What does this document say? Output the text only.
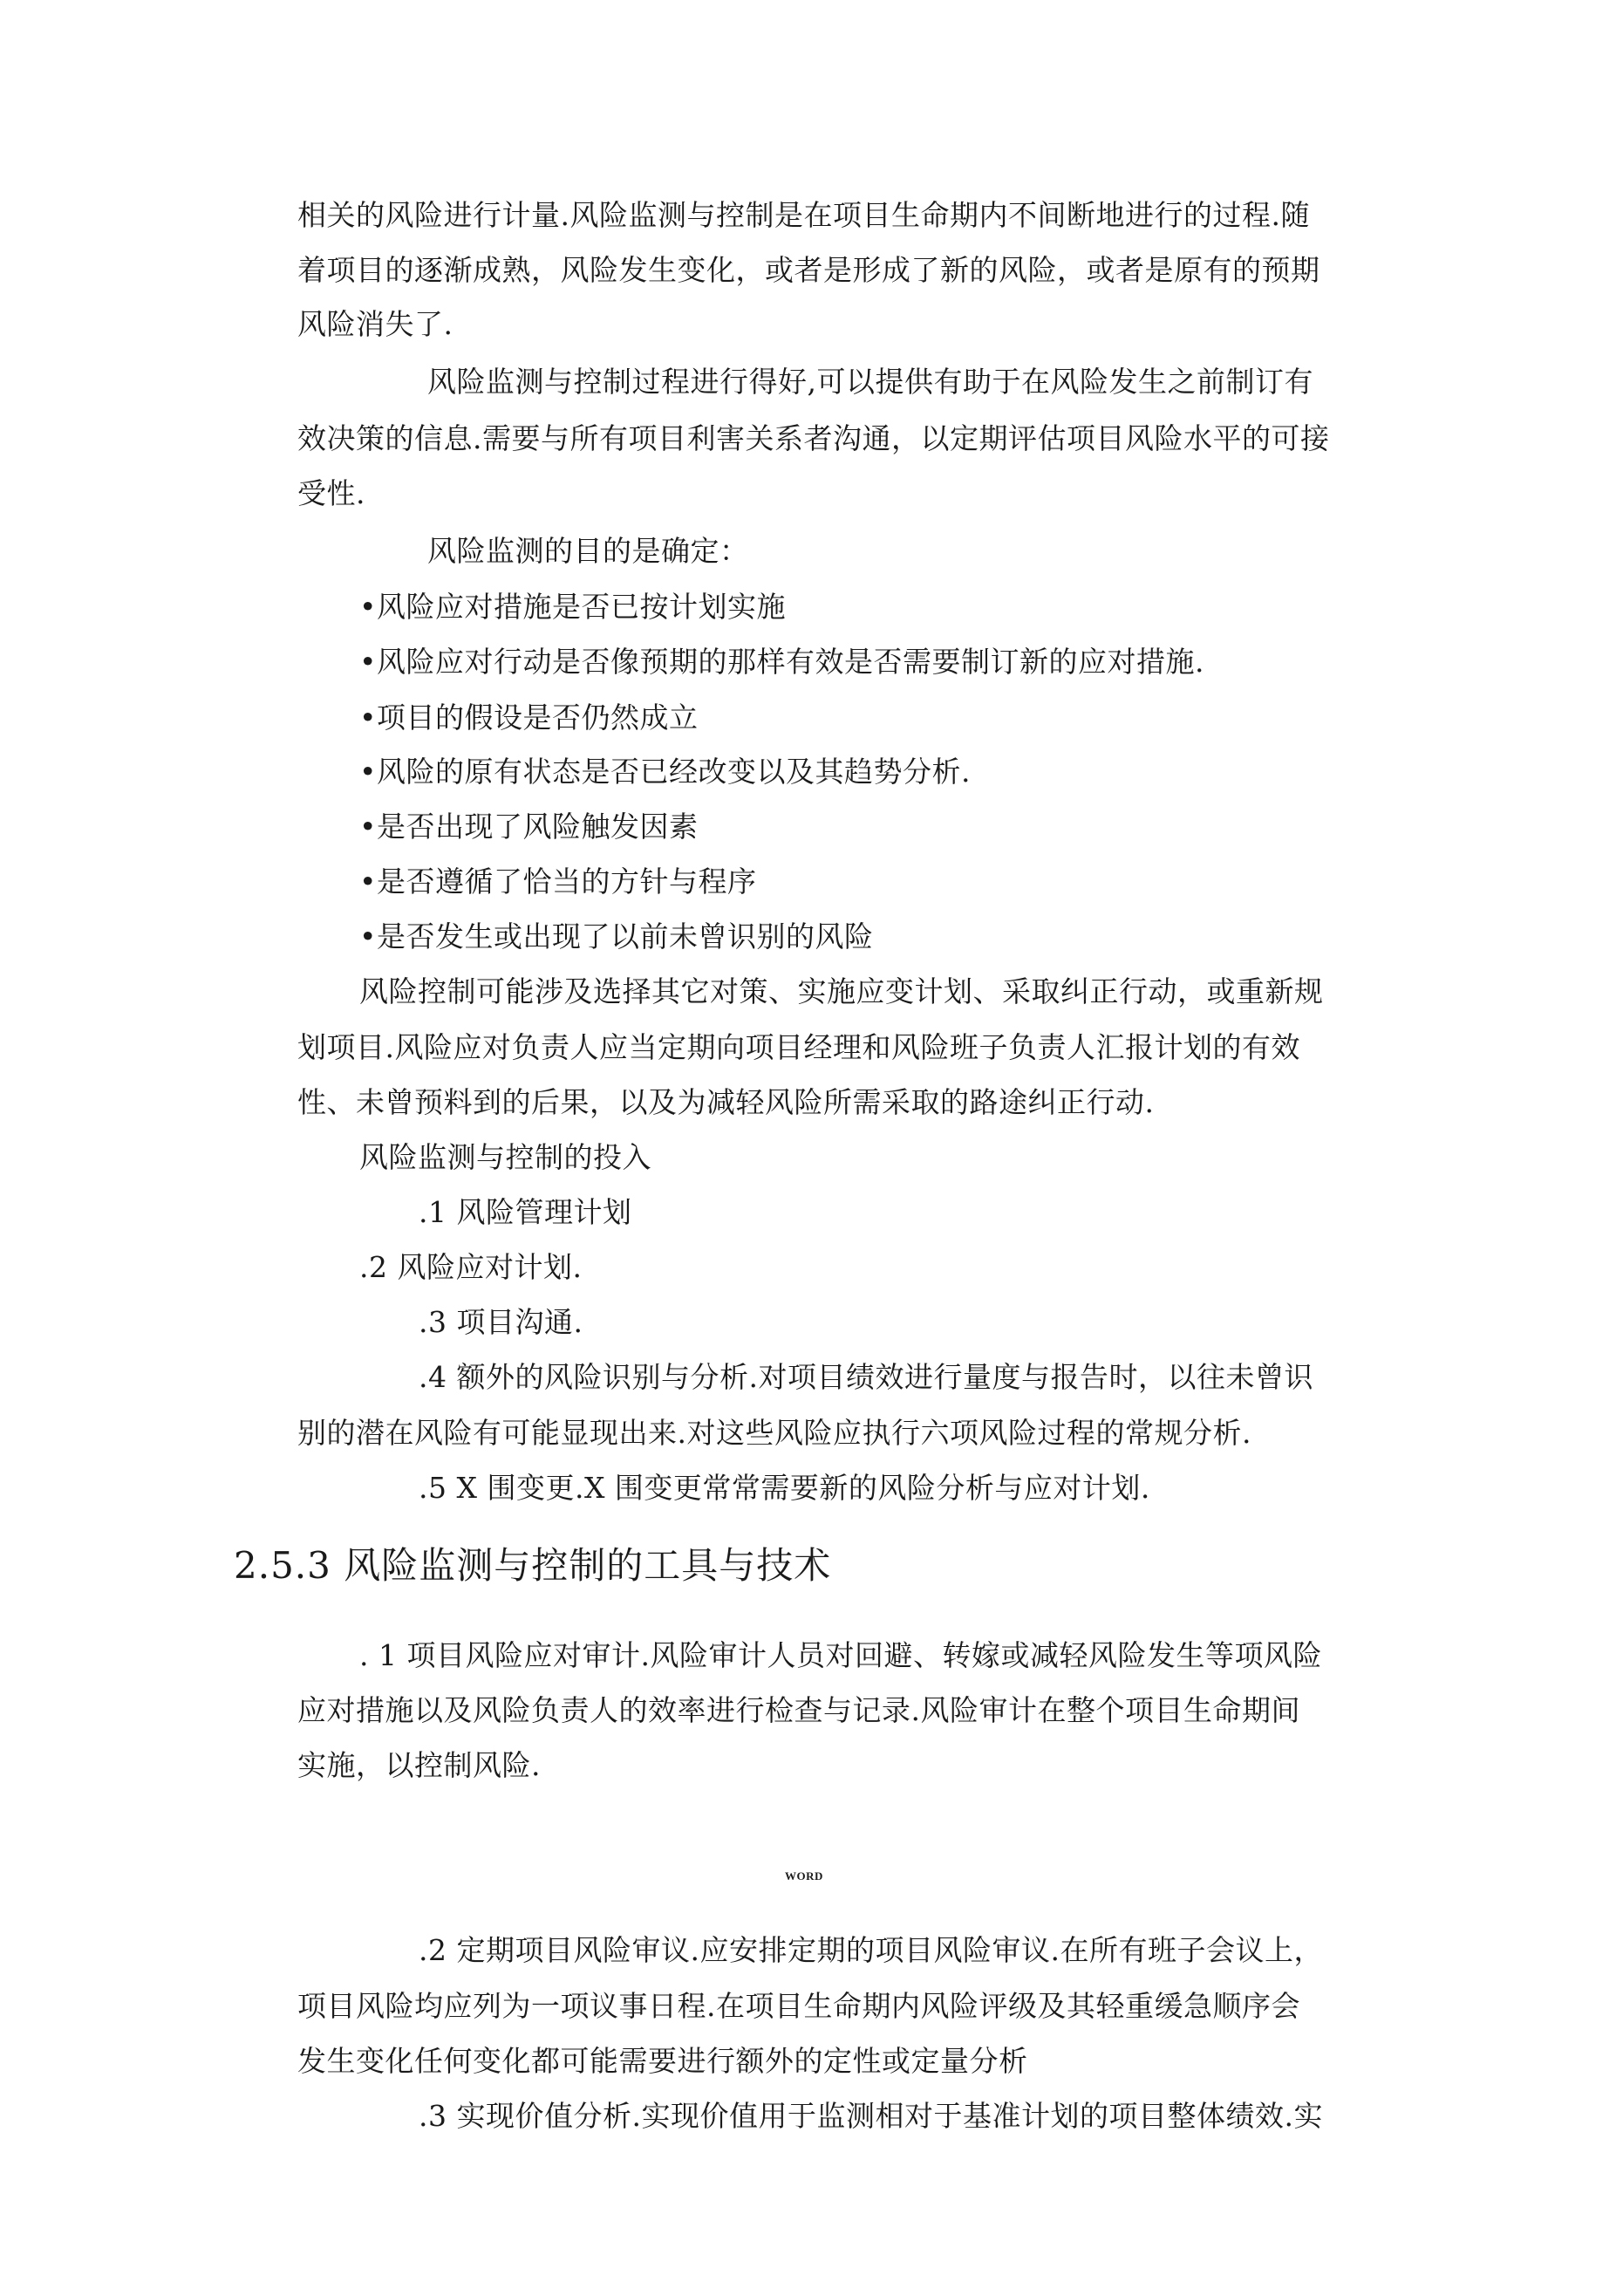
相关的风险进行计量.风险监测与控制是在项目生命期内不间断地进行的过程.随
着项目的逐渐成熟，风险发生变化，或者是形成了新的风险，或者是原有的预期
风险消失了.
风险监测与控制过程进行得好,可以提供有助于在风险发生之前制订有
效决策的信息.需要与所有项目利害关系者沟通，以定期评估项目风险水平的可接
受性.
风险监测的目的是确定：
•风险应对措施是否已按计划实施
•风险应对行动是否像预期的那样有效是否需要制订新的应对措施.
•项目的假设是否仍然成立
•风险的原有状态是否已经改变以及其趋势分析.
•是否出现了风险触发因素
•是否遵循了恰当的方针与程序
•是否发生或出现了以前未曾识别的风险
风险控制可能涉及选择其它对策、实施应变计划、采取纠正行动，或重新规
划项目.风险应对负责人应当定期向项目经理和风险班子负责人汇报计划的有效
性、未曾预料到的后果，以及为减轻风险所需采取的路途纠正行动.
风险监测与控制的投入
.1 风险管理计划
.2 风险应对计划.
.3 项目沟通.
.4 额外的风险识别与分析.对项目绩效进行量度与报告时，以往未曾识
别的潜在风险有可能显现出来.对这些风险应执行六项风险过程的常规分析.
.5 X 围变更.X 围变更常常需要新的风险分析与应对计划.
2.5.3 风险监测与控制的工具与技术
. 1 项目风险应对审计.风险审计人员对回避、转嫁或减轻风险发生等项风险
应对措施以及风险负责人的效率进行检查与记录.风险审计在整个项目生命期间
实施，以控制风险.
WORD
.2 定期项目风险审议.应安排定期的项目风险审议.在所有班子会议上，
项目风险均应列为一项议事日程.在项目生命期内风险评级及其轻重缓急顺序会
发生变化任何变化都可能需要进行额外的定性或定量分析
.3 实现价值分析.实现价值用于监测相对于基准计划的项目整体绩效.实
